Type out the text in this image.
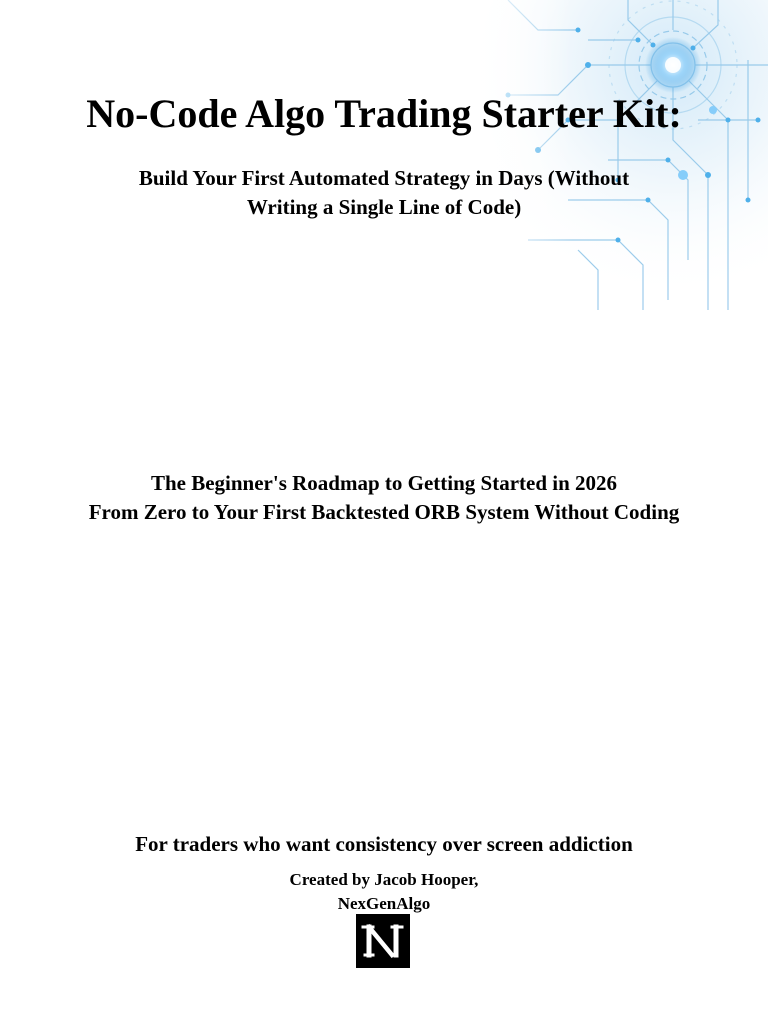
No-Code Algo Trading Starter Kit:
Build Your First Automated Strategy in Days (Without Writing a Single Line of Code)
The Beginner's Roadmap to Getting Started in 2026
From Zero to Your First Backtested ORB System Without Coding
For traders who want consistency over screen addiction
Created by Jacob Hooper,
NexGenAlgo
